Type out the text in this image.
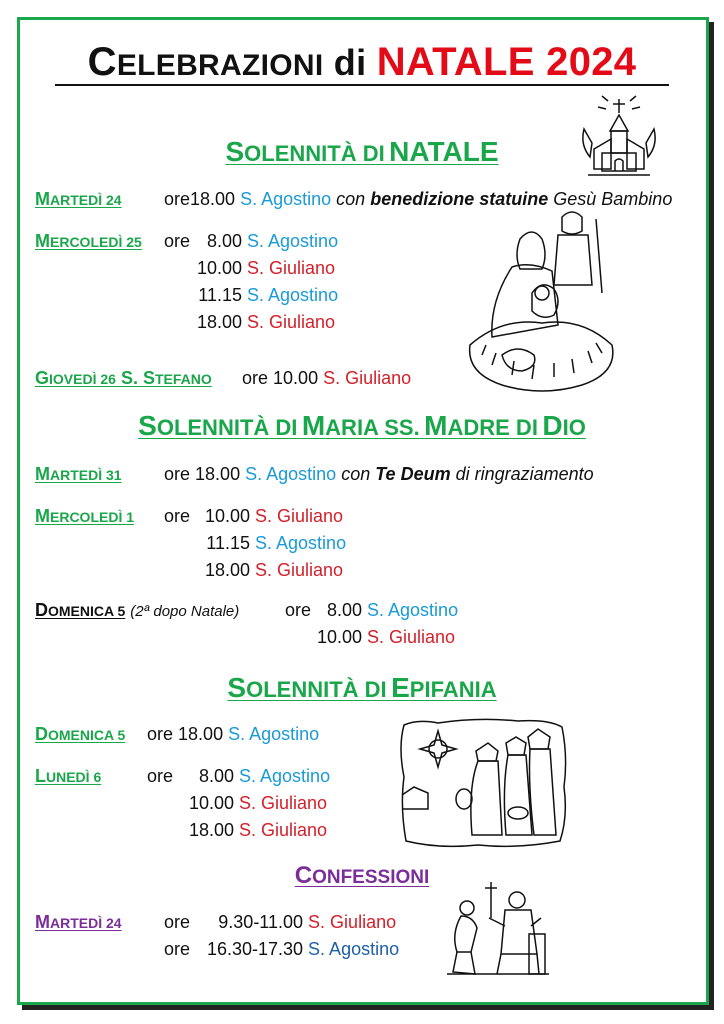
CELEBRAZIONI di NATALE 2024
SOLENNITÀ DI NATALE
MARTEDÌ 24 ore18.00 S. Agostino con benedizione statuine Gesù Bambino
MERCOLEDÌ 25 ore 8.00 S. Agostino
10.00 S. Giuliano
11.15 S. Agostino
18.00 S. Giuliano
GIOVEDÌ 26 S. STEFANO ore 10.00 S. Giuliano
SOLENNITÀ DI MARIA SS. MADRE DI DIO
MARTEDÌ 31 ore 18.00 S. Agostino con Te Deum di ringraziamento
MERCOLEDÌ 1 ore 10.00 S. Giuliano
11.15 S. Agostino
18.00 S. Giuliano
DOMENICA 5 (2ª dopo Natale)	ore 8.00 S. Agostino
10.00 S. Giuliano
SOLENNITÀ DI EPIFANIA
DOMENICA 5 ore 18.00 S. Agostino
LUNEDÌ 6	ore	8.00 S. Agostino
10.00 S. Giuliano
18.00 S. Giuliano
CONFESSIONI
MARTEDÌ 24 ore 9.30-11.00 S. Giuliano
ore 16.30-17.30 S. Agostino
